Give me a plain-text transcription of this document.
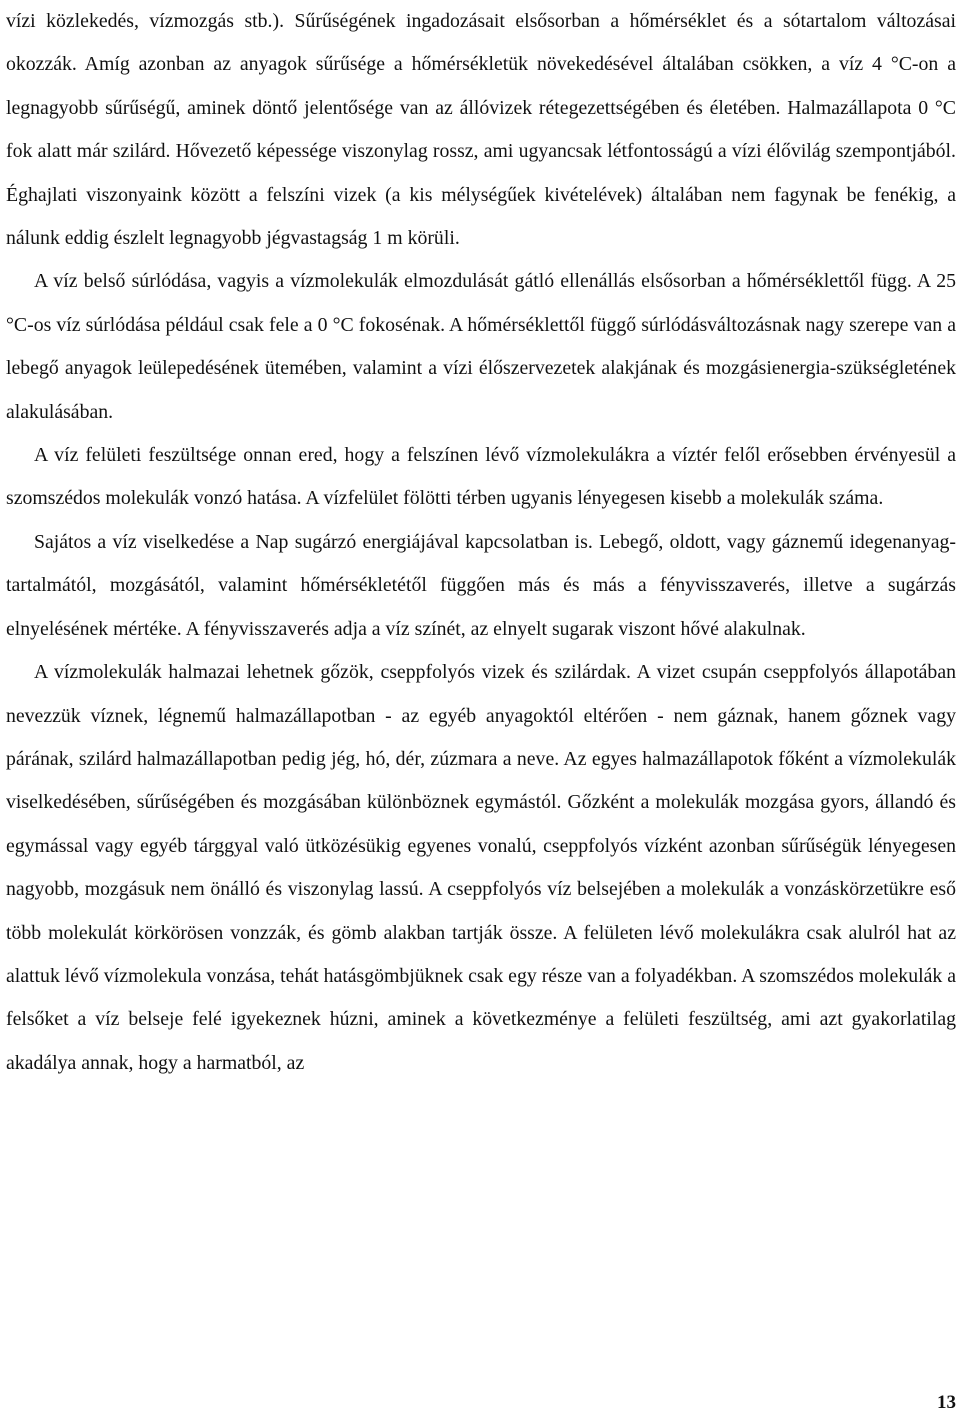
vízi közlekedés, vízmozgás stb.). Sűrűségének ingadozásait elsősorban a hőmérséklet és a sótartalom változásai okozzák. Amíg azonban az anyagok sűrűsége a hőmérsékletük növekedésével általában csökken, a víz 4 °C-on a legnagyobb sűrűségű, aminek döntő jelentősége van az állóvizek rétegezettségében és életében. Halmazállapota 0 °C fok alatt már szilárd. Hővezető képessége viszonylag rossz, ami ugyancsak létfontosságú a vízi élővilág szempontjából. Éghajlati viszonyaink között a felszíni vizek (a kis mélységűek kivételévek) általában nem fagynak be fenékig, a nálunk eddig észlelt legnagyobb jégvastagság 1 m körüli.

A víz belső súrlódása, vagyis a vízmolekulák elmozdulását gátló ellenállás elsősorban a hőmérséklettől függ. A 25 °C-os víz súrlódása például csak fele a 0 °C fokosénak. A hőmérséklettől függő súrlódásváltozásnak nagy szerepe van a lebegő anyagok leülepedésének ütemében, valamint a vízi élőszervezetek alakjának és mozgásienergia-szükségletének alakulásában.

A víz felületi feszültsége onnan ered, hogy a felszínen lévő vízmolekulákra a víztér felől erősebben érvényesül a szomszédos molekulák vonzó hatása. A vízfelület fölötti térben ugyanis lényegesen kisebb a molekulák száma.

Sajátos a víz viselkedése a Nap sugárzó energiájával kapcsolatban is. Lebegő, oldott, vagy gáznemű idegenanyag-tartalmától, mozgásától, valamint hőmérsékletétől függően más és más a fényvisszaverés, illetve a sugárzás elnyelésének mértéke. A fényvisszaverés adja a víz színét, az elnyelt sugarak viszont hővé alakulnak.

A vízmolekulák halmazai lehetnek gőzök, cseppfolyós vizek és szilárdak. A vizet csupán cseppfolyós állapotában nevezzük víznek, légnemű halmazállapotban - az egyéb anyagoktól eltérően - nem gáznak, hanem gőznek vagy párának, szilárd halmazállapotban pedig jég, hó, dér, zúzmara a neve. Az egyes halmazállapotok főként a vízmolekulák viselkedésében, sűrűségében és mozgásában különböznek egymástól. Gőzként a molekulák mozgása gyors, állandó és egymással vagy egyéb tárggyal való ütközésükig egyenes vonalú, cseppfolyós vízként azonban sűrűségük lényegesen nagyobb, mozgásuk nem önálló és viszonylag lassú. A cseppfolyós víz belsejében a molekulák a vonzáskörzetükre eső több molekulát körkörösen vonzzák, és gömb alakban tartják össze. A felületen lévő molekulákra csak alulról hat az alattuk lévő vízmolekula vonzása, tehát hatásgömbjüknek csak egy része van a folyadékban. A szomszédos molekulák a felsőket a víz belseje felé igyekeznek húzni, aminek a következménye a felületi feszültség, ami azt gyakorlatilag akadálya annak, hogy a harmatból, az

13
